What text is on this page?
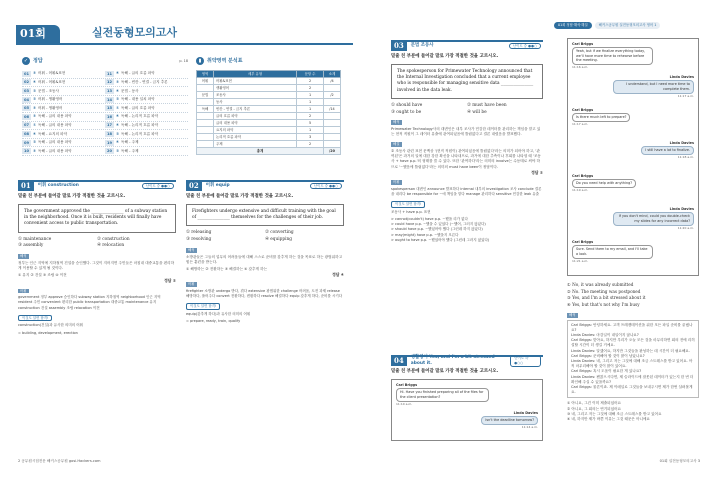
01회	실전동형모의고사
✓ 정답	p. 18
01	③ 어휘 - 어휘&표현	11	④ 독해 - 글의 흐름 파악
02	④ 어휘 - 어휘&표현	12	③ 독해 - 빈칸 - 연결 - 금지 추론
03	② 문법 - 조동사	13	④ 문법 - 동사
04	② 어휘 - 생활영어	14	② 독해 - 내용 일치 파악
05	③ 어휘 - 생활영어	15	① 독해 - 글의 흐름 파악
06	③ 독해 - 글의 내용 파악	16	④ 독해 - 논리적 흐름 파악
07	① 독해 - 글의 내용 파악	17	④ 독해 - 논리적 흐름 파악
08	④ 독해 - 요지의 파악	18	② 독해 - 논리적 흐름 파악
09	② 독해 - 글의 내용 파악	19	④ 독해 - 주제
10	③ 독해 - 글의 내용 파악	20	② 독해 - 주제
▮	취약영역 분석표
영역	세부 유형	문항 수	소계
어휘	어휘&표현	2	/4
	생활영어	2	
문법	조동사	1	/2
	동사	1	
독해	빈칸 - 연결 - 금지 추론	1	/14
	글의 흐름 파악	2	
	글의 내용 파악	5	
	요지의 파악	1	
	논리적 흐름 파악	3	
	주제	2	
총계			/20
01	어휘 construction	난이도 중 ●●○
밑줄 친 부분에 들어갈 말로 가장 적절한 것을 고르시오.
The government approved the _______________ of a subway station in the neighborhood. Once it is built, residents will finally have convenient access to public transportation.
① maintenance	② construction
③ assembly	④ relocation
해석
정부는 인근 지역에 지하철역 건설을 승인했다. 그것이 지어지면 주민들은 마침내 대중교통을 편리하게 이용할 수 있게 될 것이다.
① 유지 ② 건설 ③ 조립 ④ 이전
정답 ②
어휘
government 정부 approve 승인하다 subway station 지하철역 neighborhood 인근 지역 resident 주민 convenient 편리한 public transportation 대중교통 maintenance 유지 construction 건설 assembly 조립 relocation 이전
이것도 알면 합격!
construction(건설)과 유사한 의미의 어휘
= building, development, erection
02	어휘 equip	난이도 중 ●●○
밑줄 친 부분에 들어갈 말로 가장 적절한 것을 고르시오.
Firefighters undergo extensive and difficult training with the goal of _______________ themselves for the challenges of their job.
① releasing	② converting
③ resolving	④ equipping
해석
소방관들은 그들의 업무의 어려움들에 대해 스스로 준비를 갖추게 하는 것을 목표로 하는 광범위하고 힘든 훈련을 받는다.
① 해방하는 ② 전환하는 ③ 해결하는 ④ 갖추게 하는
정답 ④
어휘
firefighter 소방관 undergo 받다, 겪다 extensive 광범위한 challenge 어려움, 도전 과제 release 해방하다, 풀어주다 convert 전환하다, 변환하다 resolve 해결하다 equip 갖추게 하다, 준비를 시키다
이것도 알면 합격!
equip(갖추게 하다)과 유사한 의미의 어휘
= prepare, ready, train, qualify
2 공무원시험전문 해커스공무원 gosi.Hackers.com
01회 정답·해석·해설	해커스공무원 실전동형모의고사 영어 1
03	문법 조동사	난이도 중 ●●○
밑줄 친 부분에 들어갈 말로 가장 적절한 것을 고르시오.
The spokesperson for Primewater Technology announced that the Internal Investigation concluded that a current employee who is responsible for managing sensitive data _______________ involved in the data leak.
① should have	② must have been
③ ought to be	④ will be
해석
Primewater Technology사의 대변인은 내부 조사가 민감한 데이터를 관리하는 책임을 맡고 있는 현직 직원이 그 데이터 유출에 관여되었음에 틀림없다고 결론 내렸음을 발표했다.
해설
② 조동사 관련 표현 문맥상 '(현직 직원이) 관여되었음에 틀림없다'라는 의미가 되어야 하고, '관여된'은 과거의 일에 대한 강한 확신을 나타내므로, 과거에 대한 추측이나 후회를 나타낼 때 '조동사 + have p.p.'의 형태를 쓸 수 있다. 또한 '관여하다'라는 의미의 involve는 수동태로 써야 하므로 '~했음에 틀림없다'라는 의미의 must have been이 정답이다.
정답 ②
어휘
spokesperson 대변인 announce 발표하다 internal 내부의 investigation 조사 conclude 결론을 내리다 be responsible for ~에 책임을 맡다 manage 관리하다 sensitive 민감한 leak 유출
이것도 알면 합격!
조동사 + have p.p. 표현
> cannot(couldn't) have p.p. ~했을 리가 없다
> could have p.p. ~했을 수 있었다 (~했어, 그러지 않았다)
> should have p.p. ~했었어야 했다 (그런데 하지 않았다)
> may(might) have p.p. ~했을지 모른다
> ought to have p.p. ~했었어야 했다 (그런데 그러지 않았다)
04	생활영어 Yes, and I'm a bit stressed about it.
난이도 하 ●○○
밑줄 친 부분에 들어갈 말로 가장 적절한 것을 고르시오.
Carl Briggs
Hi. Have you finished preparing all of the files for the client presentation?
11:10 a.m.
Linda Davies
Isn't the deadline tomorrow?
11:14 a.m.
Carl Briggs
Yeah, but if we finalize everything today, we'll have more time to rehearse before the meeting.
11:16 a.m.
Linda Davies
I understand, but I need more time to complete them.
11:17 a.m.
Carl Briggs
Is there much left to prepare?
11:17 a.m.
Linda Davies
I still have a lot to finalize.
11:18 a.m.
Carl Briggs
Do you need help with anything?
11:19 a.m.
Linda Davies
If you don't mind, could you double-check my slides for any incorrect data?
11:20 a.m.
Carl Briggs
Sure. Send them to my email, and I'll take a look.
11:21 a.m.
① No, it was already submitted
② No. The meeting was postponed
③ Yes, and I'm a bit stressed about it
④ Yes, but that's not why I'm busy
해석
Carl Briggs: 안녕하세요. 고객 프레젠테이션을 위한 모든 파일 준비를 끝냈나요?
Linda Davies: 마감일이 내일이지 않나요?
Carl Briggs: 맞아요, 하지만 우리가 오늘 모든 것을 마무리하면 회의 전에 리허설할 시간이 더 생길 거예요.
Linda Davies: 알겠어요, 하지만 그것들을 완성하는 데 시간이 더 필요해요.
Carl Briggs: 준비해야 할 것이 많이 남았나요?
Linda Davies: 네, 그리고 저는 그것에 대해 조금 스트레스를 받고 있어요. 아직 마무리해야 할 것이 많이 있어요.
Carl Briggs: 혹시 도움이 필요한 게 있나요?
Linda Davies: 괜찮으시다면, 제 슬라이드에 잘못된 데이터가 있는지 한 번 더 확인해 주실 수 있을까요?
Carl Briggs: 물론이죠. 제 이메일로 그것들을 보내주시면 제가 한번 살펴볼게요.
① 아니요, 그건 이미 제출되었어요
② 아니요, 그 회의는 연기되었어요
③ 네, 그리고 저는 그것에 대해 조금 스트레스를 받고 있어요
④ 네, 하지만 제가 바쁜 이유는 그것 때문은 아니에요
01회 실전동형모의고사 3
